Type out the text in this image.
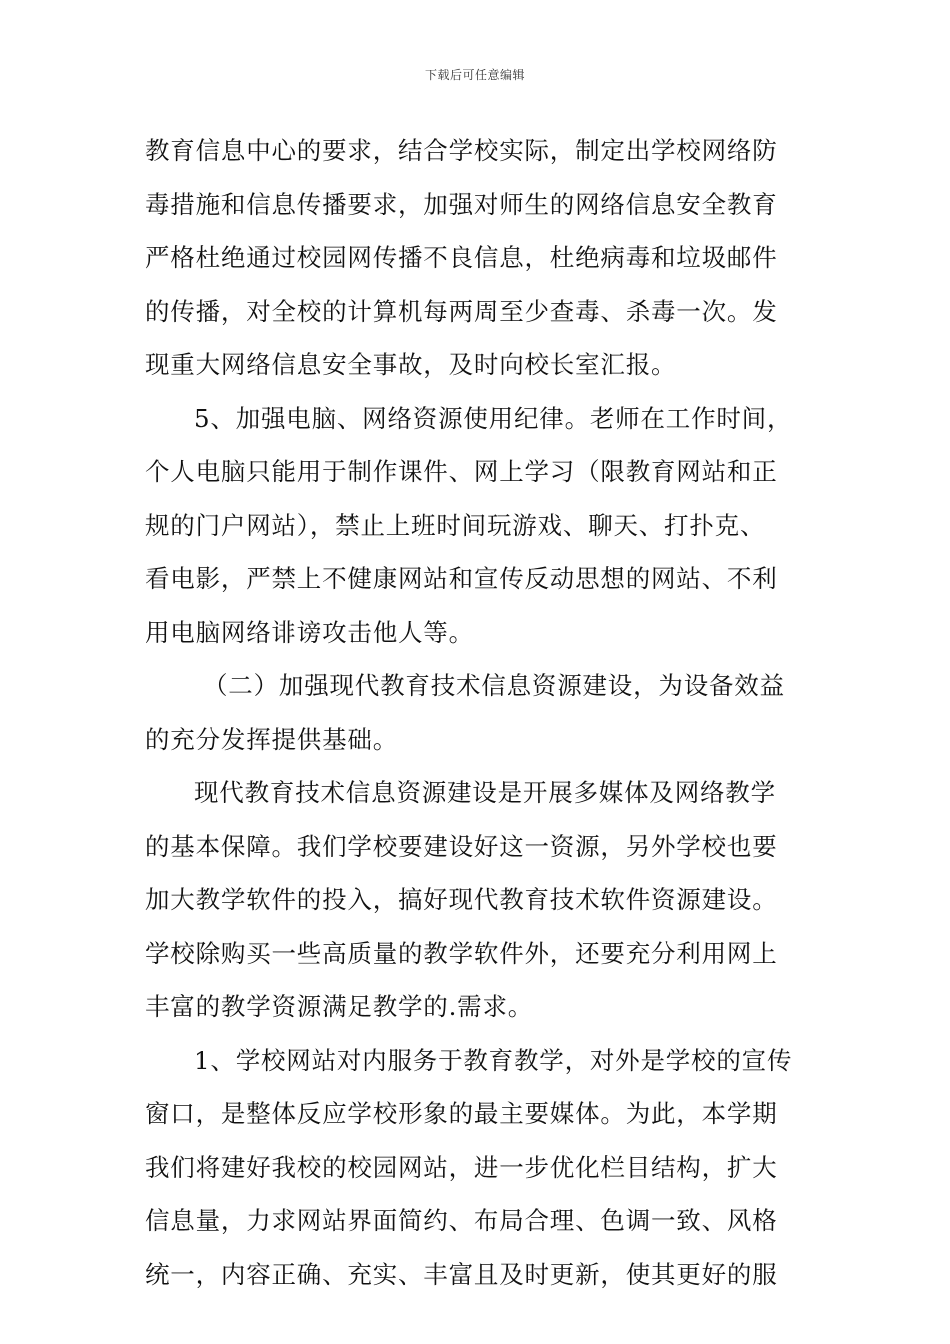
下载后可任意编辑
教育信息中心的要求，结合学校实际，制定出学校网络防
毒措施和信息传播要求，加强对师生的网络信息安全教育
严格杜绝通过校园网传播不良信息，杜绝病毒和垃圾邮件
的传播，对全校的计算机每两周至少查毒、杀毒一次。发
现重大网络信息安全事故，及时向校长室汇报。
5、加强电脑、网络资源使用纪律。老师在工作时间，
个人电脑只能用于制作课件、网上学习（限教育网站和正
规的门户网站），禁止上班时间玩游戏、聊天、打扑克、
看电影，严禁上不健康网站和宣传反动思想的网站、不利
用电脑网络诽谤攻击他人等。
（二）加强现代教育技术信息资源建设，为设备效益
的充分发挥提供基础。
现代教育技术信息资源建设是开展多媒体及网络教学
的基本保障。我们学校要建设好这一资源，另外学校也要
加大教学软件的投入，搞好现代教育技术软件资源建设。
学校除购买一些高质量的教学软件外，还要充分利用网上
丰富的教学资源满足教学的.需求。
1、学校网站对内服务于教育教学，对外是学校的宣传
窗口，是整体反应学校形象的最主要媒体。为此，本学期
我们将建好我校的校园网站，进一步优化栏目结构，扩大
信息量，力求网站界面简约、布局合理、色调一致、风格
统一，内容正确、充实、丰富且及时更新，使其更好的服
